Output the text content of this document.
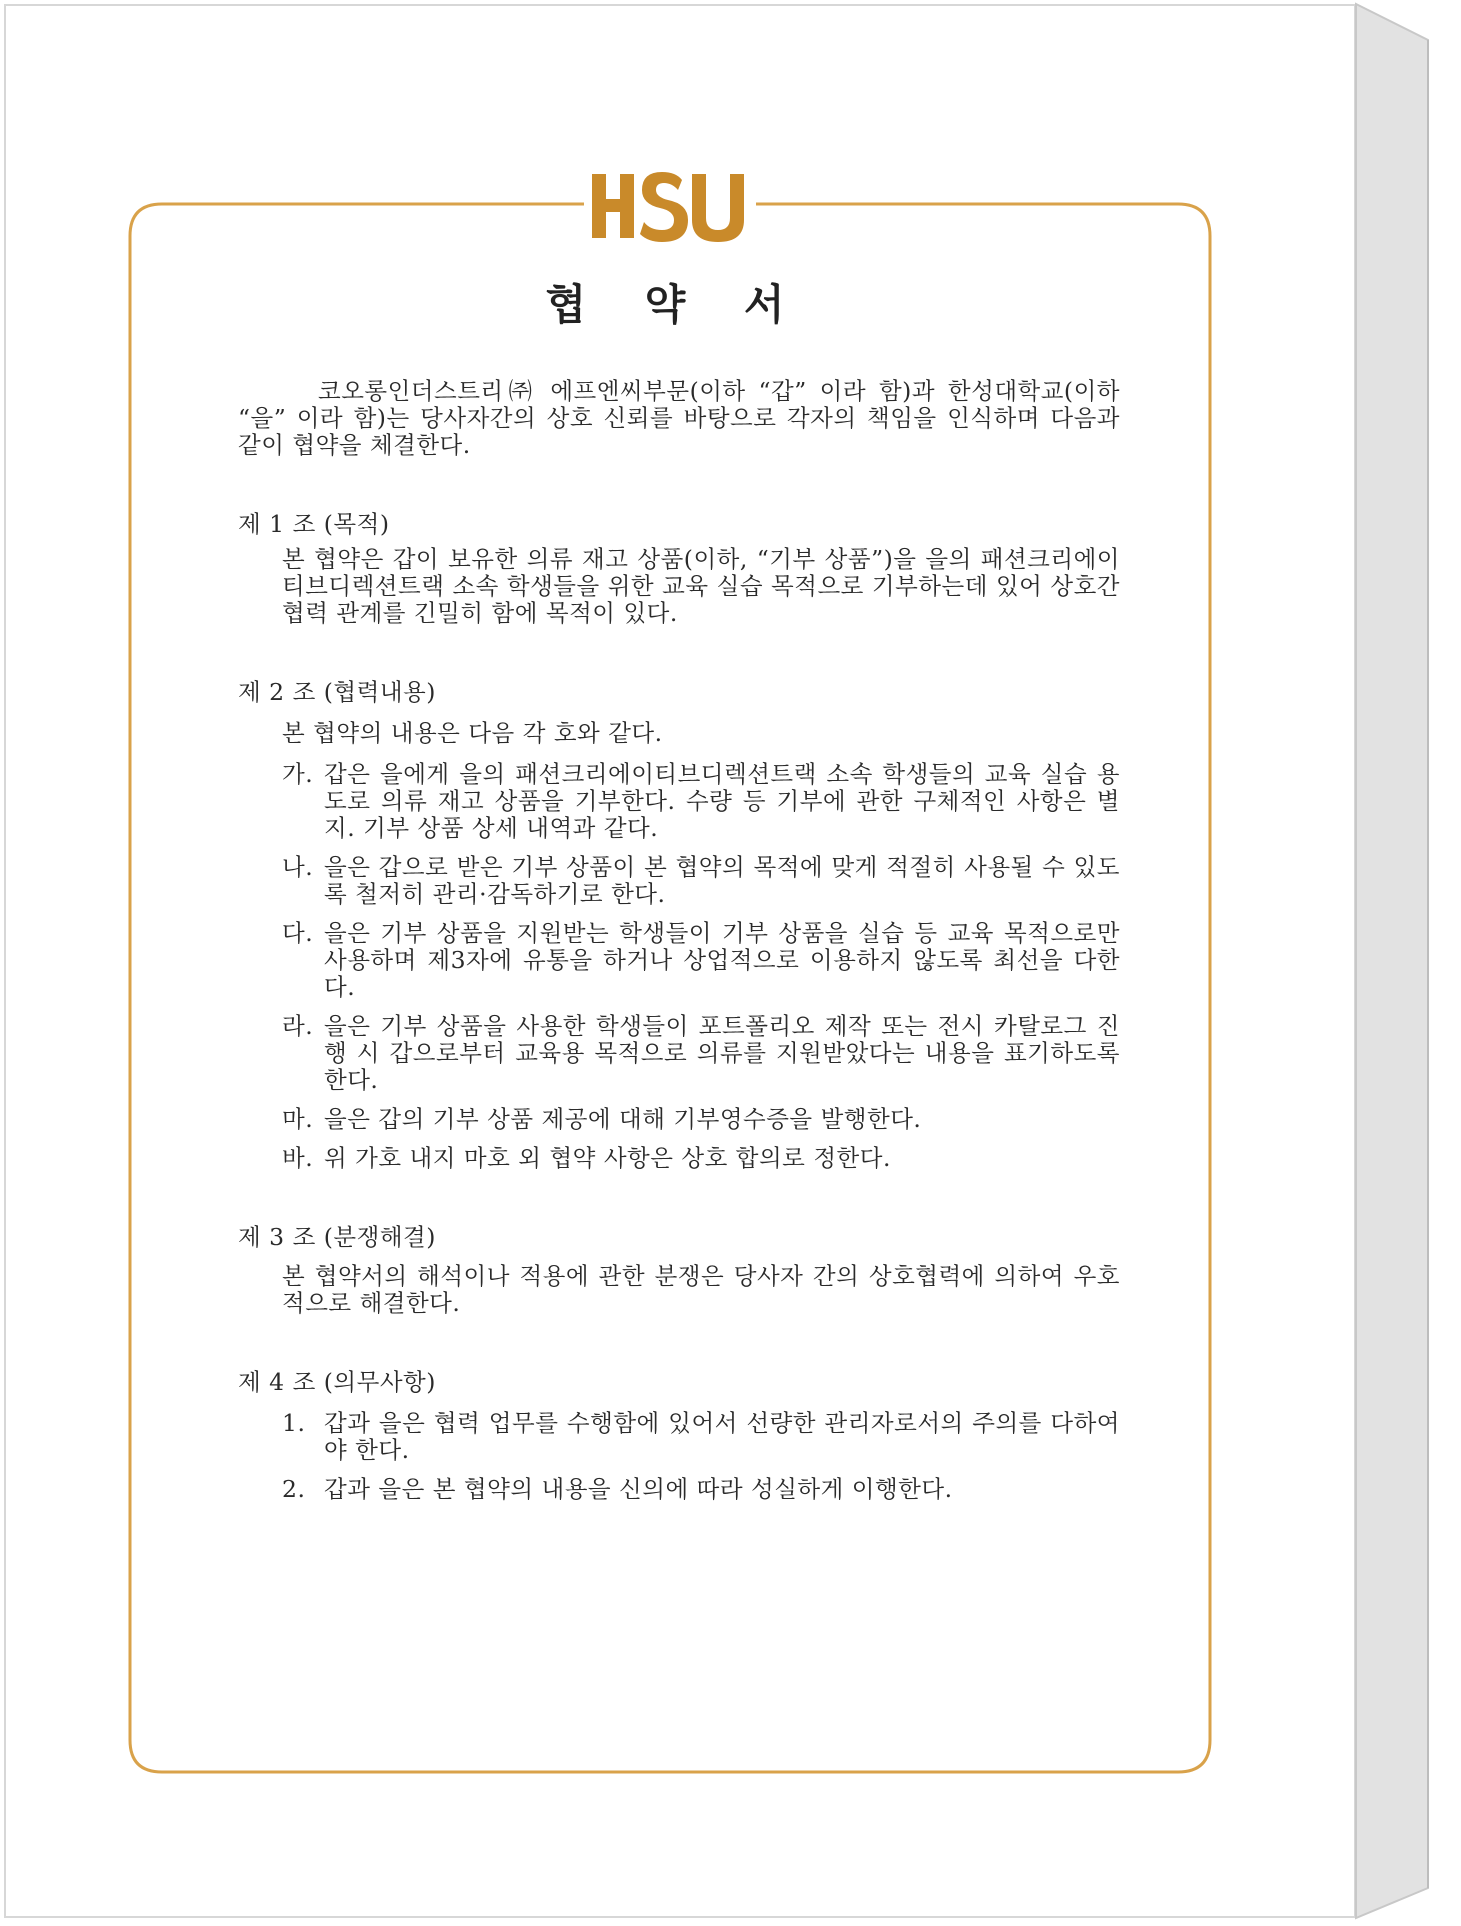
협 약 서

코오롱인더스트리㈜ 에프엔씨부문(이하 “갑” 이라 함)과 한성대학교(이하 “을” 이라 함)는 당사자간의 상호 신뢰를 바탕으로 각자의 책임을 인식하며 다음과 같이 협약을 체결한다.

제 1 조 (목적)

본 협약은 갑이 보유한 의류 재고 상품(이하, “기부 상품”)을 을의 패션크리에이티브디렉션트랙 소속 학생들을 위한 교육 실습 목적으로 기부하는데 있어 상호간 협력 관계를 긴밀히 함에 목적이 있다.

제 2 조 (협력내용)

본 협약의 내용은 다음 각 호와 같다.

가. 갑은 을에게 을의 패션크리에이티브디렉션트랙 소속 학생들의 교육 실습 용도로 의류 재고 상품을 기부한다. 수량 등 기부에 관한 구체적인 사항은 별지. 기부 상품 상세 내역과 같다.
나. 을은 갑으로 받은 기부 상품이 본 협약의 목적에 맞게 적절히 사용될 수 있도록 철저히 관리·감독하기로 한다.
다. 을은 기부 상품을 지원받는 학생들이 기부 상품을 실습 등 교육 목적으로만 사용하며 제3자에 유통을 하거나 상업적으로 이용하지 않도록 최선을 다한다.
라. 을은 기부 상품을 사용한 학생들이 포트폴리오 제작 또는 전시 카탈로그 진행 시 갑으로부터 교육용 목적으로 의류를 지원받았다는 내용을 표기하도록 한다.
마. 을은 갑의 기부 상품 제공에 대해 기부영수증을 발행한다.
바. 위 가호 내지 마호 외 협약 사항은 상호 합의로 정한다.

제 3 조 (분쟁해결)

본 협약서의 해석이나 적용에 관한 분쟁은 당사자 간의 상호협력에 의하여 우호적으로 해결한다.

제 4 조 (의무사항)

1. 갑과 을은 협력 업무를 수행함에 있어서 선량한 관리자로서의 주의를 다하여야 한다.
2. 갑과 을은 본 협약의 내용을 신의에 따라 성실하게 이행한다.
